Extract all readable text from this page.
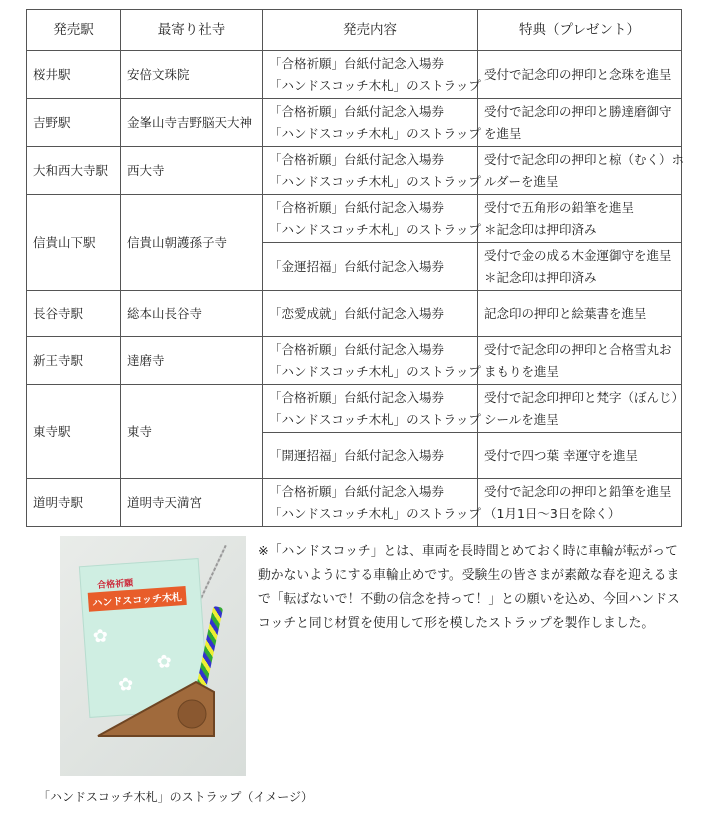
発売駅	最寄り社寺	発売内容	特典（プレゼント）
桜井駅	安倍文珠院	「合格祈願」台紙付記念入場券
「ハンドスコッチ木札」のストラップ	受付で記念印の押印と念珠を進呈

吉野駅	金峯山寺吉野脳天大神	「合格祈願」台紙付記念入場券
「ハンドスコッチ木札」のストラップ	受付で記念印の押印と勝達磨御守
を進呈

大和西大寺駅	西大寺	「合格祈願」台紙付記念入場券
「ハンドスコッチ木札」のストラップ	受付で記念印の押印と椋（むく）ホ
ルダーを進呈

信貴山下駅	信貴山朝護孫子寺	「合格祈願」台紙付記念入場券
「ハンドスコッチ木札」のストラップ	受付で五角形の鉛筆を進呈
＊記念印は押印済み

		「金運招福」台紙付記念入場券	受付で金の成る木金運御守を進呈
＊記念印は押印済み

長谷寺駅	総本山長谷寺	「恋愛成就」台紙付記念入場券	記念印の押印と絵葉書を進呈

新王寺駅	達磨寺	「合格祈願」台紙付記念入場券
「ハンドスコッチ木札」のストラップ	受付で記念印の押印と合格雪丸お
まもりを進呈

東寺駅	東寺	「合格祈願」台紙付記念入場券
「ハンドスコッチ木札」のストラップ	受付で記念印押印と梵字（ぼんじ）
シールを進呈

		「開運招福」台紙付記念入場券	受付で四つ葉 幸運守を進呈

道明寺駅	道明寺天満宮	「合格祈願」台紙付記念入場券
「ハンドスコッチ木札」のストラップ	受付で記念印の押印と鉛筆を進呈
（1月1日～3日を除く）
✿
✿
✿
合格祈願
ハンドスコッチ木札
※「ハンドスコッチ」とは、車両を長時間とめておく時に車輪が転がって動かないようにする車輪止めです。受験生の皆さまが素敵な春を迎えるまで「転ばないで！不動の信念を持って！」との願いを込め、今回ハンドスコッチと同じ材質を使用して形を模したストラップを製作しました。
「ハンドスコッチ木札」のストラップ（イメージ）
